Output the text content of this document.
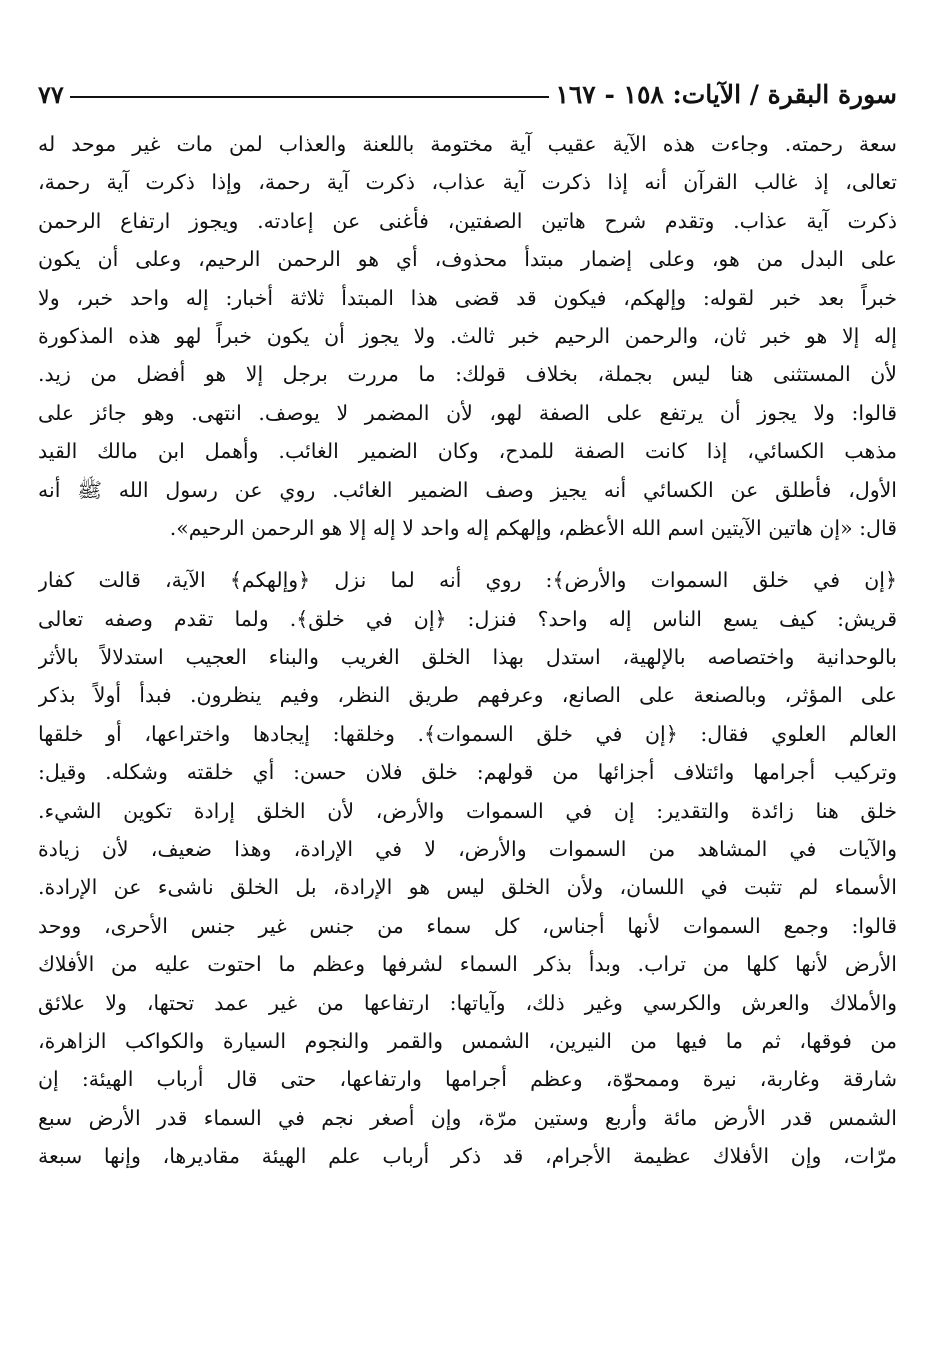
سورة البقرة / الآيات: ١٥٨ - ١٦٧
٧٧
سعة رحمته. وجاءت هذه الآية عقيب آية مختومة باللعنة والعذاب لمن مات غير موحد له
تعالى، إذ غالب القرآن أنه إذا ذكرت آية عذاب، ذكرت آية رحمة، وإذا ذكرت آية رحمة،
ذكرت آية عذاب. وتقدم شرح هاتين الصفتين، فأغنى عن إعادته. ويجوز ارتفاع الرحمن
على البدل من هو، وعلى إضمار مبتدأ محذوف، أي هو الرحمن الرحيم، وعلى أن يكون
خبراً بعد خبر لقوله: وإلهكم، فيكون قد قضى هذا المبتدأ ثلاثة أخبار: إله واحد خبر، ولا
إله إلا هو خبر ثان، والرحمن الرحيم خبر ثالث. ولا يجوز أن يكون خبراً لهو هذه المذكورة
لأن المستثنى هنا ليس بجملة، بخلاف قولك: ما مررت برجل إلا هو أفضل من زيد.
قالوا: ولا يجوز أن يرتفع على الصفة لهو، لأن المضمر لا يوصف. انتهى. وهو جائز على
مذهب الكسائي، إذا كانت الصفة للمدح، وكان الضمير الغائب. وأهمل ابن مالك القيد
الأول، فأطلق عن الكسائي أنه يجيز وصف الضمير الغائب. روي عن رسول الله ﷺ أنه
قال: «إن هاتين الآيتين اسم الله الأعظم، وإلهكم إله واحد لا إله إلا هو الرحمن الرحيم».
﴿إن في خلق السموات والأرض﴾: روي أنه لما نزل ﴿وإلهكم﴾ الآية، قالت كفار
قريش: كيف يسع الناس إله واحد؟ فنزل: ﴿إن في خلق﴾. ولما تقدم وصفه تعالى
بالوحدانية واختصاصه بالإلهية، استدل بهذا الخلق الغريب والبناء العجيب استدلالاً بالأثر
على المؤثر، وبالصنعة على الصانع، وعرفهم طريق النظر، وفيم ينظرون. فبدأ أولاً بذكر
العالم العلوي فقال: ﴿إن في خلق السموات﴾. وخلقها: إيجادها واختراعها، أو خلقها
وتركيب أجرامها وائتلاف أجزائها من قولهم: خلق فلان حسن: أي خلقته وشكله. وقيل:
خلق هنا زائدة والتقدير: إن في السموات والأرض، لأن الخلق إرادة تكوين الشيء.
والآيات في المشاهد من السموات والأرض، لا في الإرادة، وهذا ضعيف، لأن زيادة
الأسماء لم تثبت في اللسان، ولأن الخلق ليس هو الإرادة، بل الخلق ناشىء عن الإرادة.
قالوا: وجمع السموات لأنها أجناس، كل سماء من جنس غير جنس الأحرى، ووحد
الأرض لأنها كلها من تراب. وبدأ بذكر السماء لشرفها وعظم ما احتوت عليه من الأفلاك
والأملاك والعرش والكرسي وغير ذلك، وآياتها: ارتفاعها من غير عمد تحتها، ولا علائق
من فوقها، ثم ما فيها من النيرين، الشمس والقمر والنجوم السيارة والكواكب الزاهرة،
شارقة وغاربة، نيرة وممحوّة، وعظم أجرامها وارتفاعها، حتى قال أرباب الهيئة: إن
الشمس قدر الأرض مائة وأربع وستين مرّة، وإن أصغر نجم في السماء قدر الأرض سبع
مرّات، وإن الأفلاك عظيمة الأجرام، قد ذكر أرباب علم الهيئة مقاديرها، وإنها سبعة
